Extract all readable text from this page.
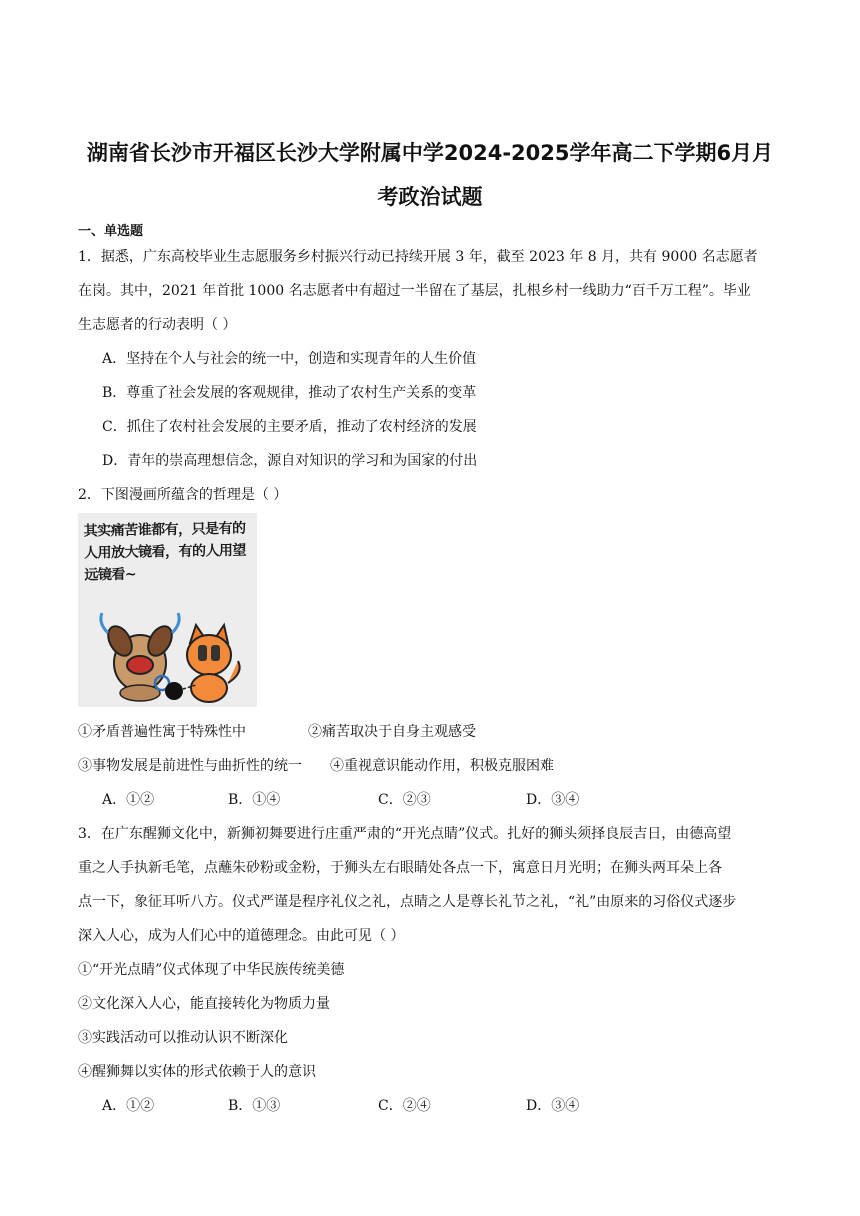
湖南省长沙市开福区长沙大学附属中学2024-2025学年高二下学期6月月
考政治试题
一、单选题
1．据悉，广东高校毕业生志愿服务乡村振兴行动已持续开展 3 年，截至 2023 年 8 月，共有 9000 名志愿者
在岗。其中，2021 年首批 1000 名志愿者中有超过一半留在了基层，扎根乡村一线助力“百千万工程”。毕业
生志愿者的行动表明（ ）
A．坚持在个人与社会的统一中，创造和实现青年的人生价值
B．尊重了社会发展的客观规律，推动了农村生产关系的变革
C．抓住了农村社会发展的主要矛盾，推动了农村经济的发展
D．青年的崇高理想信念，源自对知识的学习和为国家的付出
2．下图漫画所蕴含的哲理是（ ）
其实痛苦谁都有，只是有的人用放大镜看，有的人用望远镜看~
①矛盾普遍性寓于特殊性中	②痛苦取决于自身主观感受
③事物发展是前进性与曲折性的统一 ④重视意识能动作用，积极克服困难
A．①②	B．①④	C．②③	D．③④
3．在广东醒狮文化中，新狮初舞要进行庄重严肃的“开光点睛”仪式。扎好的狮头须择良辰吉日，由德高望
重之人手执新毛笔，点蘸朱砂粉或金粉，于狮头左右眼睛处各点一下，寓意日月光明；在狮头两耳朵上各
点一下，象征耳听八方。仪式严谨是程序礼仪之礼，点睛之人是尊长礼节之礼，“礼”由原来的习俗仪式逐步
深入人心，成为人们心中的道德理念。由此可见（ ）
①“开光点睛”仪式体现了中华民族传统美德
②文化深入人心，能直接转化为物质力量
③实践活动可以推动认识不断深化
④醒狮舞以实体的形式依赖于人的意识
A．①②	B．①③	C．②④	D．③④
